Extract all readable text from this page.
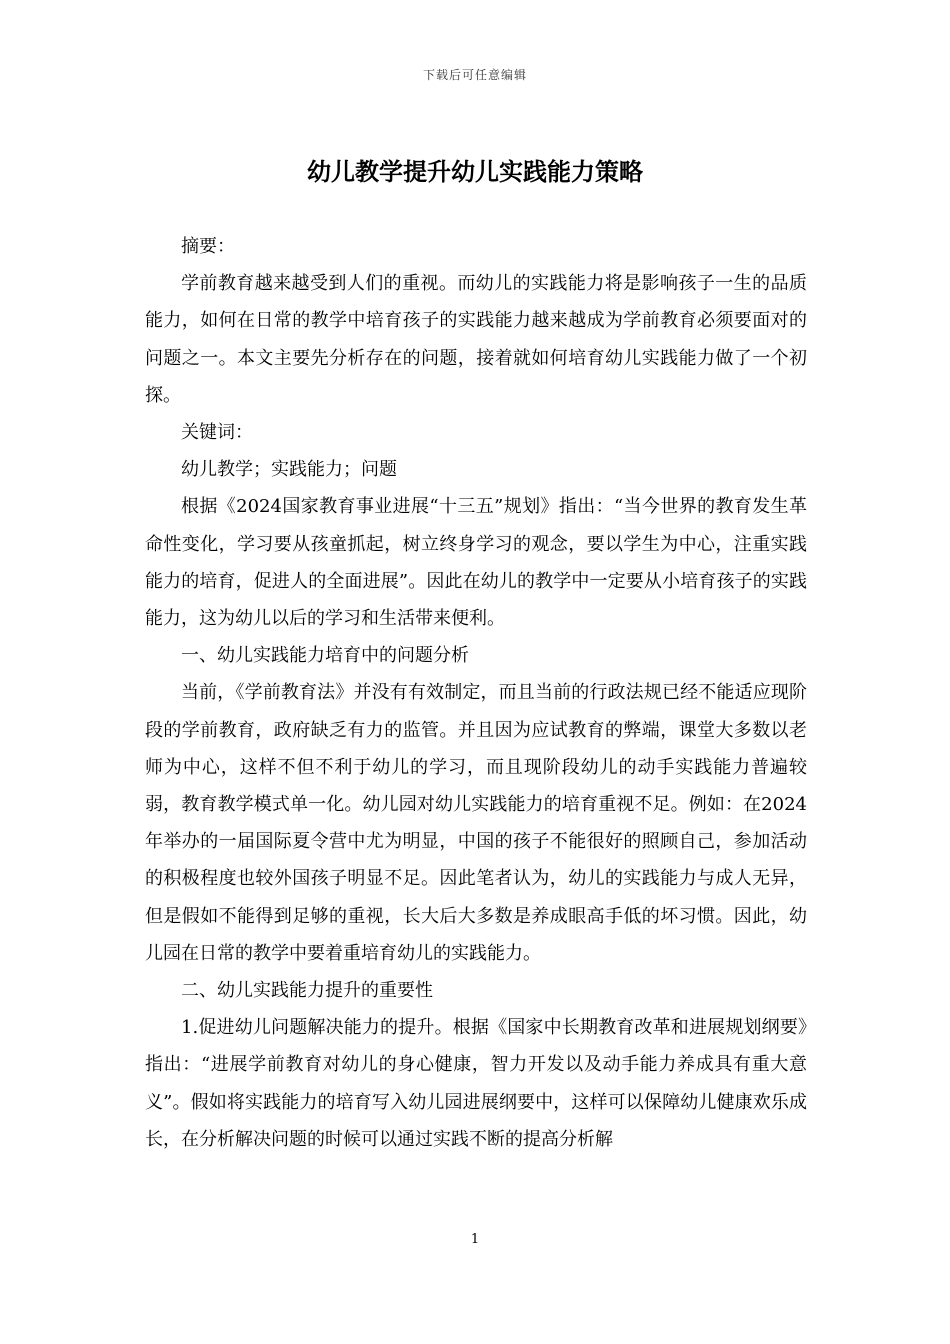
下载后可任意编辑
幼儿教学提升幼儿实践能力策略

摘要：

学前教育越来越受到人们的重视。而幼儿的实践能力将是影响孩子一生的品质能力，如何在日常的教学中培育孩子的实践能力越来越成为学前教育必须要面对的问题之一。本文主要先分析存在的问题，接着就如何培育幼儿实践能力做了一个初探。

关键词：

幼儿教学；实践能力；问题

根据《2024国家教育事业进展“十三五”规划》指出：“当今世界的教育发生革命性变化，学习要从孩童抓起，树立终身学习的观念，要以学生为中心，注重实践能力的培育，促进人的全面进展”。因此在幼儿的教学中一定要从小培育孩子的实践能力，这为幼儿以后的学习和生活带来便利。

一、幼儿实践能力培育中的问题分析

当前，《学前教育法》并没有有效制定，而且当前的行政法规已经不能适应现阶段的学前教育，政府缺乏有力的监管。并且因为应试教育的弊端，课堂大多数以老师为中心，这样不但不利于幼儿的学习，而且现阶段幼儿的动手实践能力普遍较弱，教育教学模式单一化。幼儿园对幼儿实践能力的培育重视不足。例如：在2024年举办的一届国际夏令营中尤为明显，中国的孩子不能很好的照顾自己，参加活动的积极程度也较外国孩子明显不足。因此笔者认为，幼儿的实践能力与成人无异，但是假如不能得到足够的重视，长大后大多数是养成眼高手低的坏习惯。因此，幼儿园在日常的教学中要着重培育幼儿的实践能力。

二、幼儿实践能力提升的重要性

1.促进幼儿问题解决能力的提升。根据《国家中长期教育改革和进展规划纲要》指出：“进展学前教育对幼儿的身心健康，智力开发以及动手能力养成具有重大意义”。假如将实践能力的培育写入幼儿园进展纲要中，这样可以保障幼儿健康欢乐成长，在分析解决问题的时候可以通过实践不断的提高分析解

1
